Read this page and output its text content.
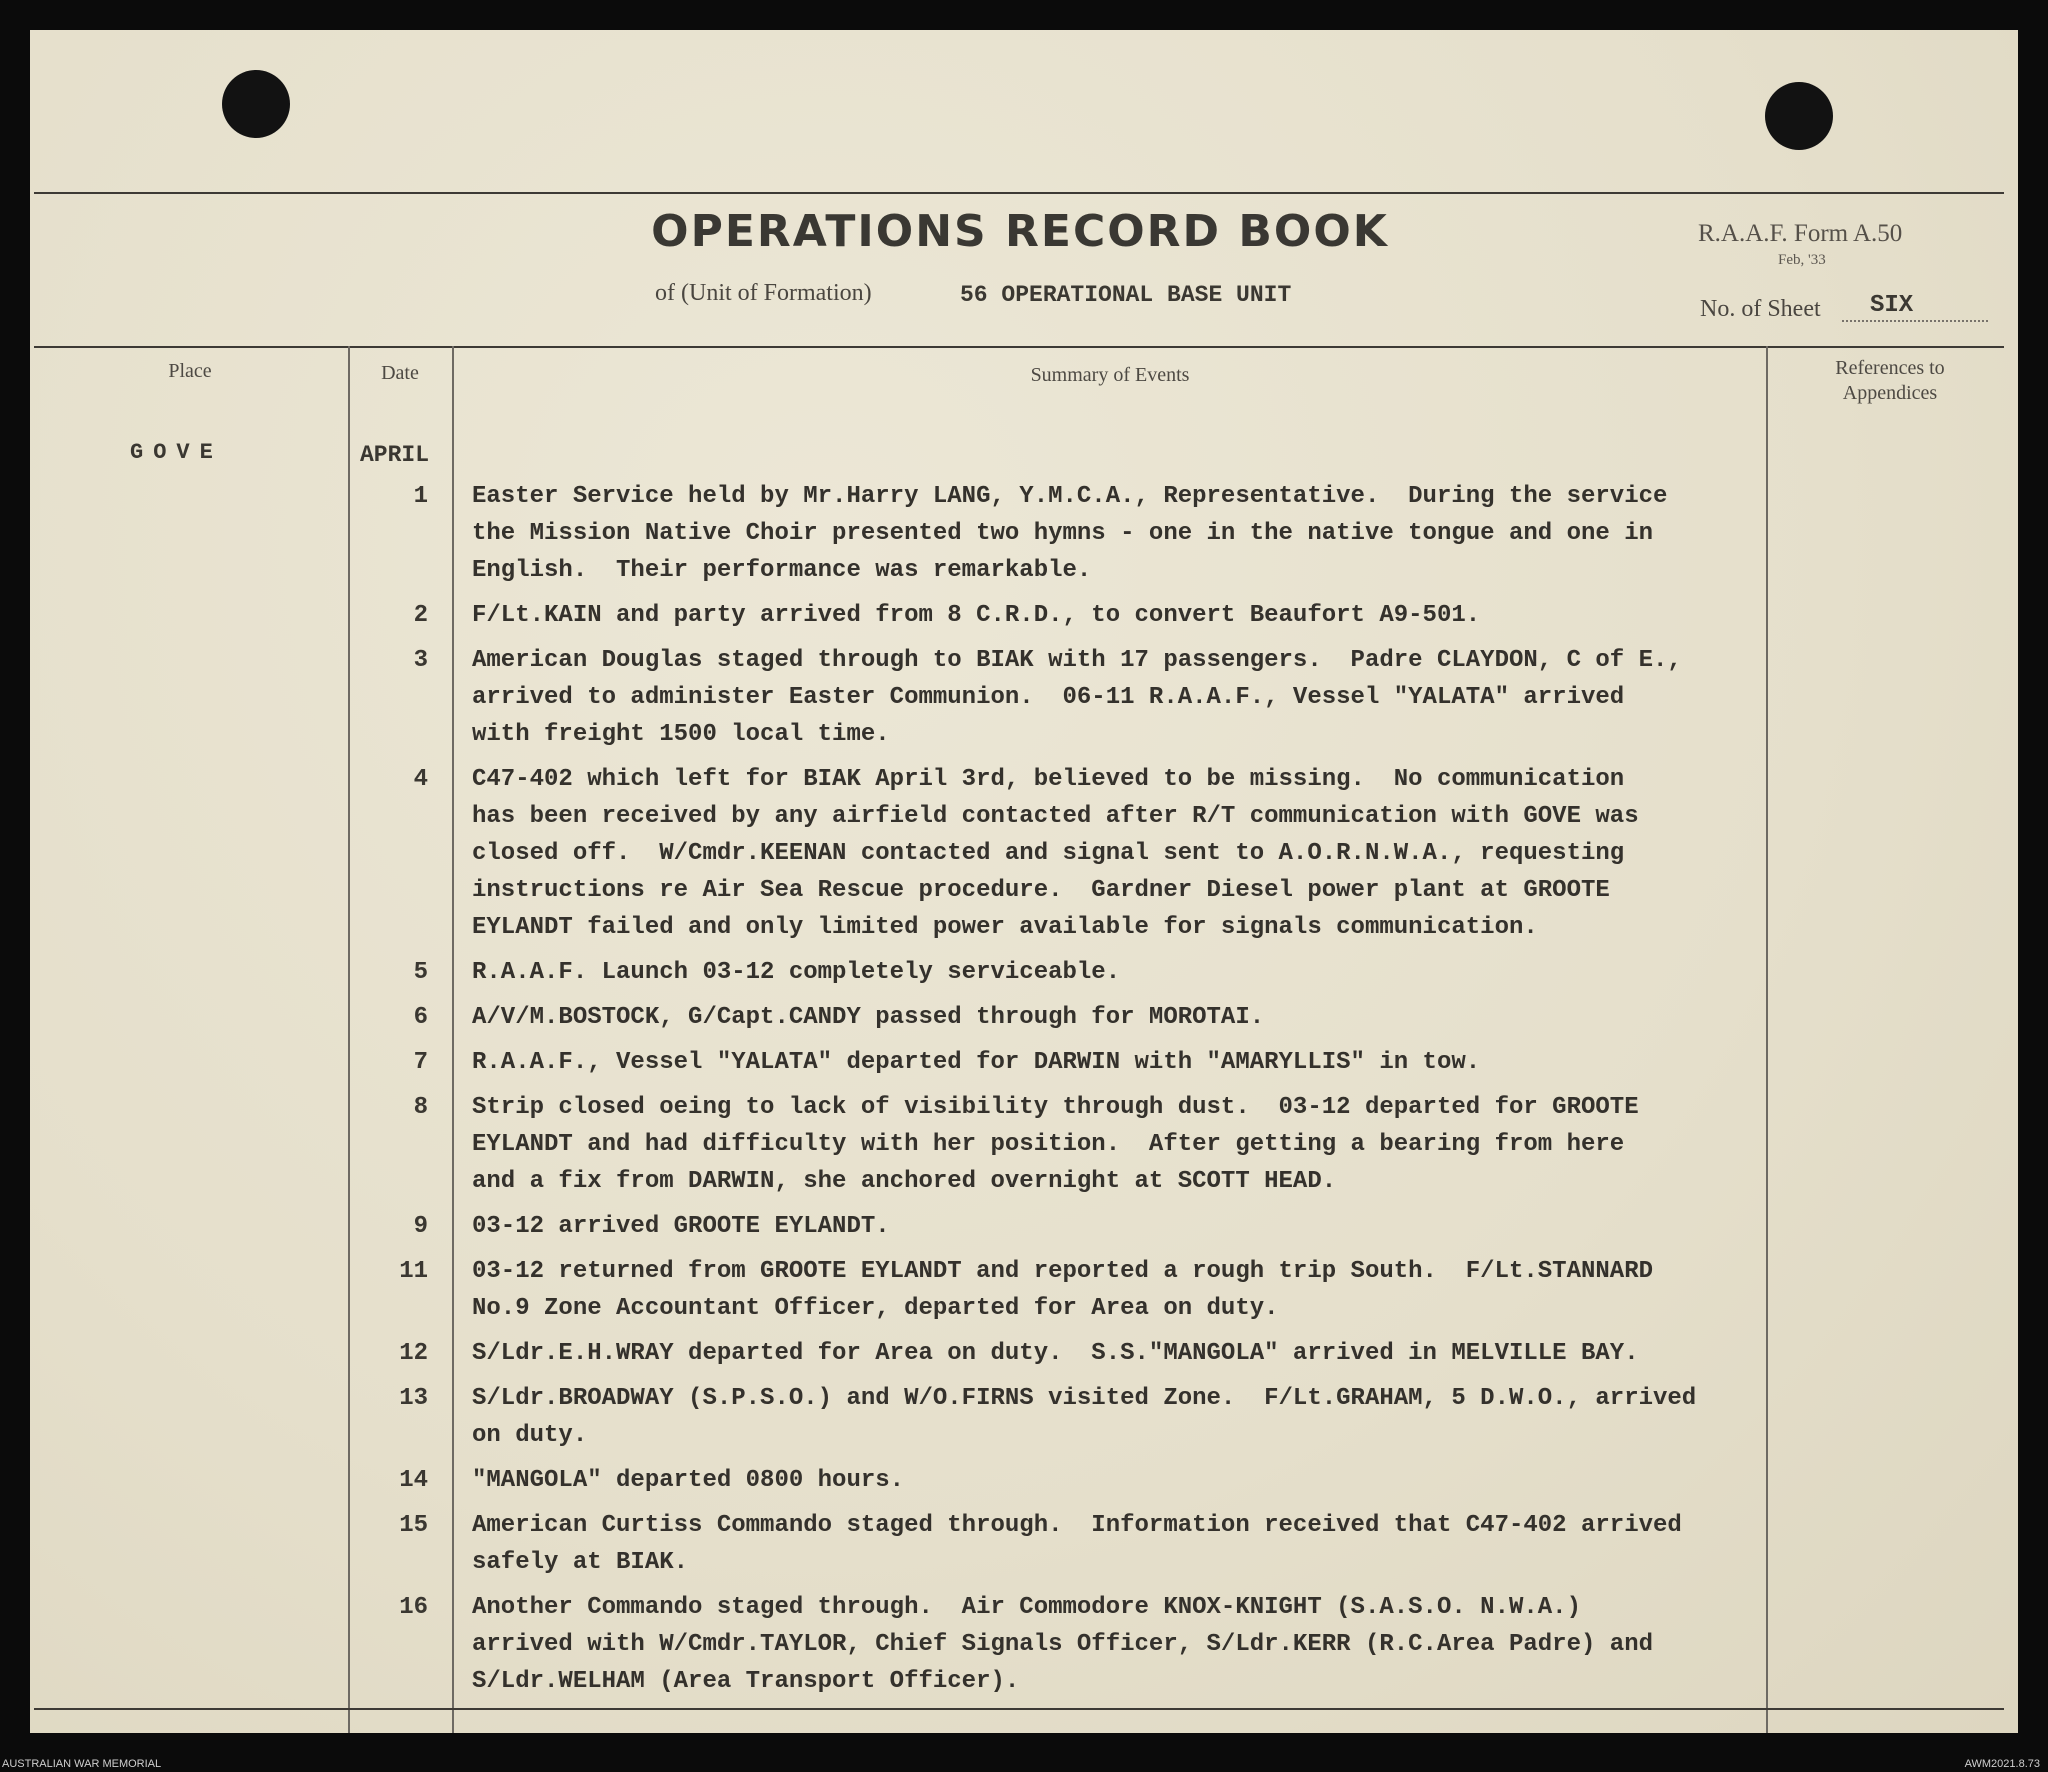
OPERATIONS RECORD BOOK	R.A.A.F. Form A.50
Feb, '33
of (Unit of Formation)	56 OPERATIONAL BASE UNIT
No. of Sheet SIX
Place	Date	Summary of Events	References to
Appendices
GOVE	APRIL
1 Easter Service held by Mr.Harry LANG, Y.M.C.A., Representative.  During the service
the Mission Native Choir presented two hymns - one in the native tongue and one in
English.  Their performance was remarkable.
2 F/Lt.KAIN and party arrived from 8 C.R.D., to convert Beaufort A9-501.
3 American Douglas staged through to BIAK with 17 passengers.  Padre CLAYDON, C of E.,
arrived to administer Easter Communion.  06-11 R.A.A.F., Vessel "YALATA" arrived
with freight 1500 local time.
4 C47-402 which left for BIAK April 3rd, believed to be missing.  No communication
has been received by any airfield contacted after R/T communication with GOVE was
closed off.  W/Cmdr.KEENAN contacted and signal sent to A.O.R.N.W.A., requesting
instructions re Air Sea Rescue procedure.  Gardner Diesel power plant at GROOTE
EYLANDT failed and only limited power available for signals communication.
5 R.A.A.F. Launch 03-12 completely serviceable.
6 A/V/M.BOSTOCK, G/Capt.CANDY passed through for MOROTAI.
7 R.A.A.F., Vessel "YALATA" departed for DARWIN with "AMARYLLIS" in tow.
8 Strip closed oeing to lack of visibility through dust.  03-12 departed for GROOTE
EYLANDT and had difficulty with her position.  After getting a bearing from here
and a fix from DARWIN, she anchored overnight at SCOTT HEAD.
9 03-12 arrived GROOTE EYLANDT.
11 03-12 returned from GROOTE EYLANDT and reported a rough trip South.  F/Lt.STANNARD
No.9 Zone Accountant Officer, departed for Area on duty.
12 S/Ldr.E.H.WRAY departed for Area on duty.  S.S."MANGOLA" arrived in MELVILLE BAY.
13 S/Ldr.BROADWAY (S.P.S.O.) and W/O.FIRNS visited Zone.  F/Lt.GRAHAM, 5 D.W.O., arrived
on duty.
14 "MANGOLA" departed 0800 hours.
15 American Curtiss Commando staged through.  Information received that C47-402 arrived
safely at BIAK.
16 Another Commando staged through.  Air Commodore KNOX-KNIGHT (S.A.S.O. N.W.A.)
arrived with W/Cmdr.TAYLOR, Chief Signals Officer, S/Ldr.KERR (R.C.Area Padre) and
S/Ldr.WELHAM (Area Transport Officer).
AUSTRALIAN WAR MEMORIAL	AWM2021.8.73
